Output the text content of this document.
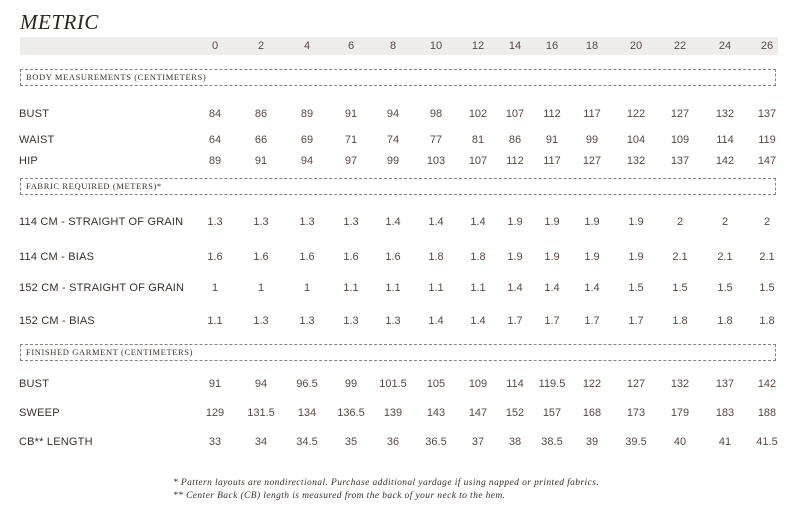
METRIC
0	2	4	6	8	10	12	14	16	18	20	22	24	26
BODY MEASUREMENTS (CENTIMETERS)
BUST	84	86	89	91	94	98	102	107	112	117	122	127	132	137
WAIST	64	66	69	71	74	77	81	86	91	99	104	109	114	119
HIP	89	91	94	97	99	103	107	112	117	127	132	137	142	147
FABRIC REQUIRED (METERS)*
114 CM - STRAIGHT OF GRAIN	1.3	1.3	1.3	1.3	1.4	1.4	1.4	1.9	1.9	1.9	1.9	2	2	2
114 CM - BIAS	1.6	1.6	1.6	1.6	1.6	1.8	1.8	1.9	1.9	1.9	1.9	2.1	2.1	2.1
152 CM - STRAIGHT OF GRAIN	1	1	1	1.1	1.1	1.1	1.1	1.4	1.4	1.4	1.5	1.5	1.5	1.5
152 CM - BIAS	1.1	1.3	1.3	1.3	1.3	1.4	1.4	1.7	1.7	1.7	1.7	1.8	1.8	1.8
FINISHED GARMENT (CENTIMETERS)
BUST	91	94	96.5	99	101.5	105	109	114	119.5	122	127	132	137	142
SWEEP	129	131.5	134	136.5	139	143	147	152	157	168	173	179	183	188
CB** LENGTH	33	34	34.5	35	36	36.5	37	38	38.5	39	39.5	40	41	41.5
* Pattern layouts are nondirectional. Purchase additional yardage if using napped or printed fabrics.
** Center Back (CB) length is measured from the back of your neck to the hem.
